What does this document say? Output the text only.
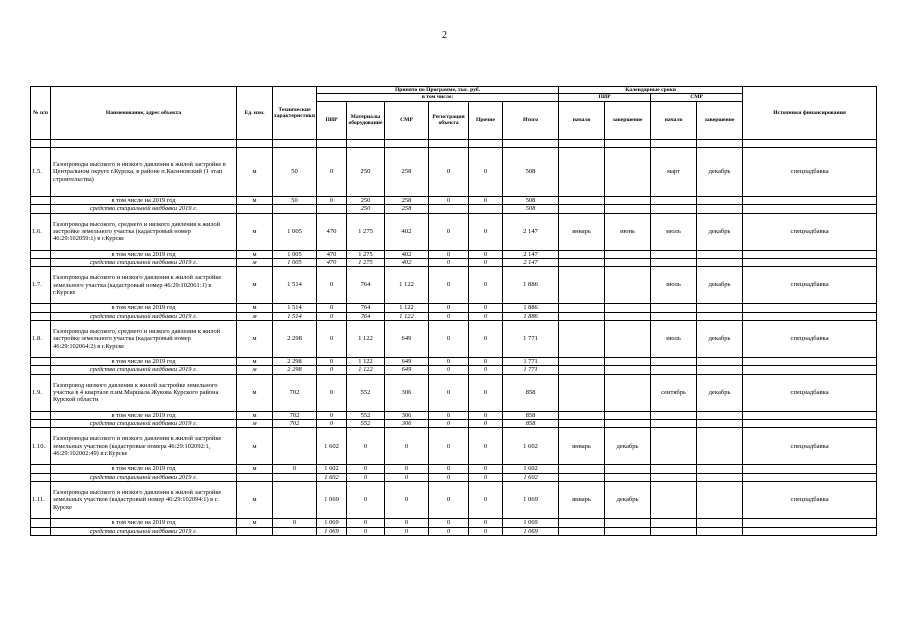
2
№ п/п	Наименование, адрес объекта	Ед. изм.	Технические характеристики	Принято по Программе, тыс. руб.						Календарные сроки				Источники финансирования
				в том числе:						ПИР		СМР		
				ПИР	Материалы оборудование	СМР	Регистрация объекта	Прочие	Итого	начало	завершение	начало	завершение	

1.5.	Газопроводы высокого и низкого давления к жилой застройке в Центральном округе г.Курска, в районе п.Касиновский (1 этап строительства)	м	50	0	250	258	0	0	508			март	декабрь	спецнадбавка
	в том числе на 2019 год	м	50	0	250	258	0	0	508					
	средства специальной надбавки 2019 г.				250	258			508					
1.6.	Газопроводы высокого, среднего и низкого давления к жилой застройке земельного участка (кадастровый номер 46:29:102059:1) в г.Курске	м	1 005	470	1 275	402	0	0	2 147	январь	июнь	июль	декабрь	спецнадбавка
	в том числе на 2019 год	м	1 005	470	1 275	402	0	0	2 147					
	средства специальной надбавки 2019 г.	м	1 005	470	1 275	402	0	0	2 147					
1.7.	Газопроводы высокого и низкого давления к жилой застройке земельного участка (кадастровый номер 46:29:102061:1) в г.Курске	м	1 514	0	764	1 122	0	0	1 886			июль	декабрь	спецнадбавка
	в том числе на 2019 год	м	1 514	0	764	1 122	0	0	1 886					
	средства специальной надбавки 2019 г.	м	1 514	0	764	1 122	0	0	1 886					
1.8.	Газопроводы высокого, среднего и низкого давления к жилой застройке земельного участка (кадастровый номер 46:29:102064:2) в г.Курске	м	2 298	0	1 122	649	0	0	1 771			июль	декабрь	спецнадбавка
	в том числе на 2019 год	м	2 298	0	1 122	649	0	0	1 771					
	средства специальной надбавки 2019 г.	м	2 298	0	1 122	649	0	0	1 771					
1.9.	Газопровод низкого давления к жилой застройке земельного участка в 4 квартале п.им.Маршала Жукова Курского района Курской области	м	702	0	552	306	0	0	858			сентябрь	декабрь	спецнадбавка
	в том числе на 2019 год	м	702	0	552	306	0	0	858					
	средства специальной надбавки 2019 г.	м	702	0	552	306	0	0	858					
1.10.	Газопроводы высокого и низкого давления к жилой застройке земельных участков (кадастровые номера 46:29:102092:1, 46:29:102002:49) в г.Курске	м		1 602	0	0	0	0	1 602	январь	декабрь			спецнадбавка
	в том числе на 2019 год	м	0	1 602	0	0	0	0	1 602					
	средства специальной надбавки 2019 г.			1 602	0	0	0	0	1 602					
1.11.	Газопроводы высокого и низкого давления к жилой застройке земельных участков (кадастровый номер 46:29:102094:1) в г. Курске	м		1 069	0	0	0	0	1 069	январь	декабрь			спецнадбавка
	в том числе на 2019 год	м	0	1 069	0	0	0	0	1 069					
	средства специальной надбавки 2019 г.			1 069	0	0	0	0	1 069					
